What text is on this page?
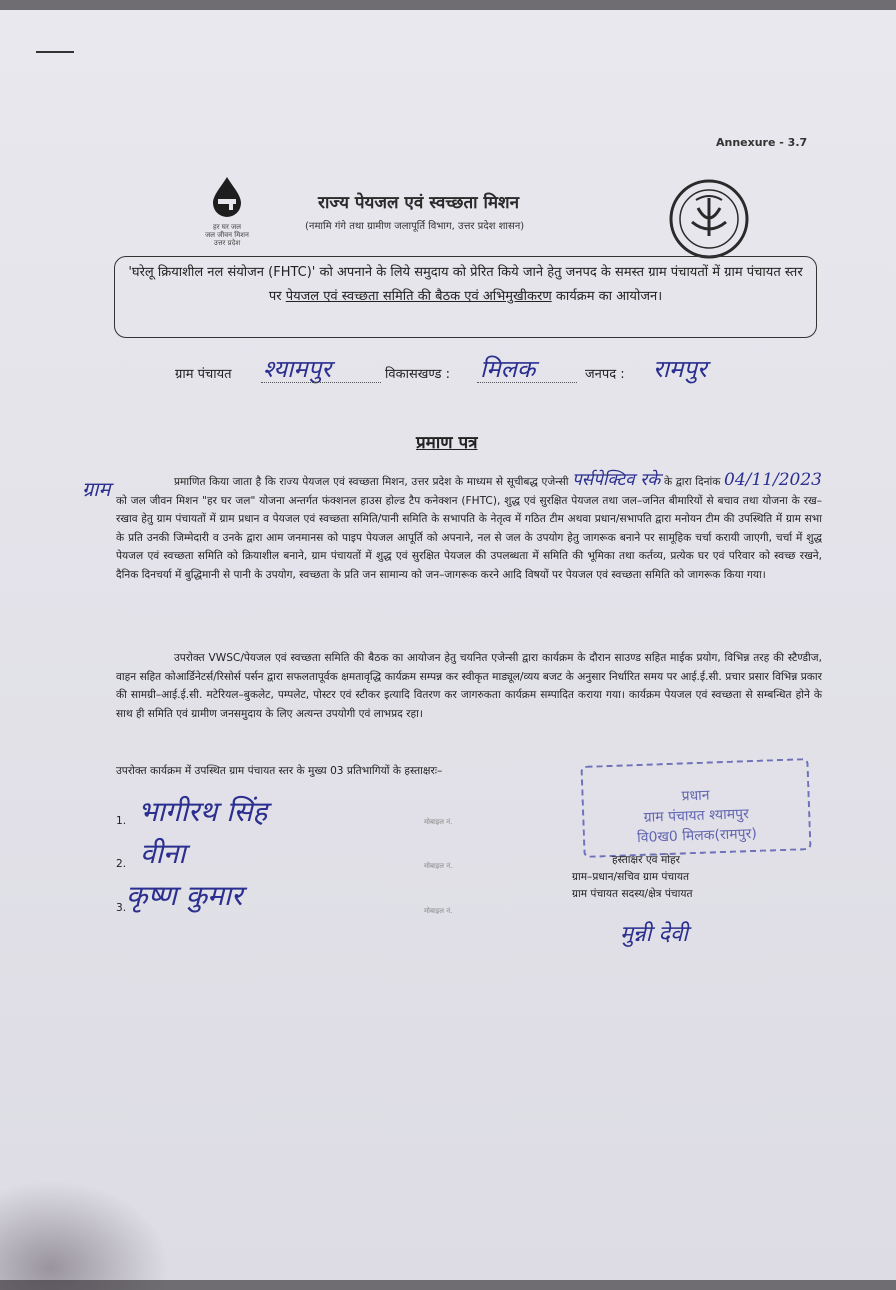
Annexure - 3.7
हर घर जल
जल जीवन मिशन
उत्तर प्रदेश
राज्य पेयजल एवं स्वच्छता मिशन
(नमामि गंगे तथा ग्रामीण जलापूर्ति विभाग, उत्तर प्रदेश शासन)
'घरेलू क्रियाशील नल संयोजन (FHTC)' को अपनाने के लिये समुदाय को प्रेरित किये जाने हेतु जनपद के समस्त ग्राम पंचायतों में ग्राम पंचायत स्तर पर पेयजल एवं स्वच्छता समिति की बैठक एवं अभिमुखीकरण कार्यक्रम का आयोजन।
ग्राम पंचायत श्यामपुर	विकासखण्ड : मिलक	जनपद : रामपुर
प्रमाण पत्र
ग्राम	प्रमाणित किया जाता है कि राज्य पेयजल एवं स्वच्छता मिशन, उत्तर प्रदेश के माध्यम से सूचीबद्ध एजेन्सी पर्सपेक्टिव रके के द्वारा दिनांक 04/11/2023 को जल जीवन मिशन "हर घर जल" योजना अन्तर्गत फंक्शनल हाउस होल्ड टैप कनेक्शन (FHTC), शुद्ध एवं सुरक्षित पेयजल तथा जल–जनित बीमारियों से बचाव तथा योजना के रख–रखाव हेतु ग्राम पंचायतों में ग्राम प्रधान व पेयजल एवं स्वच्छता समिति/पानी समिति के सभापति के नेतृत्व में गठित टीम अथवा प्रधान/सभापति द्वारा मनोयन टीम की उपस्थिति में ग्राम सभा के प्रति उनकी जिम्मेदारी व उनके द्वारा आम जनमानस को पाइप पेयजल आपूर्ति को अपनाने, नल से जल के उपयोग हेतु जागरूक बनाने पर सामूहिक चर्चा करायी जाएगी, चर्चा में शुद्ध पेयजल एवं स्वच्छता समिति को क्रियाशील बनाने, ग्राम पंचायतों में शुद्ध एवं सुरक्षित पेयजल की उपलब्धता में समिति की भूमिका तथा कर्तव्य, प्रत्येक घर एवं परिवार को स्वच्छ रखने, दैनिक दिनचर्या में बुद्धिमानी से पानी के उपयोग, स्वच्छता के प्रति जन सामान्य को जन–जागरूक करने आदि विषयों पर पेयजल एवं स्वच्छता समिति को जागरूक किया गया।
उपरोक्त VWSC/पेयजल एवं स्वच्छता समिति की बैठक का आयोजन हेतु चयनित एजेन्सी द्वारा कार्यक्रम के दौरान साउण्ड सहित माईक प्रयोग, विभिन्न तरह की स्टैण्डीज, वाहन सहित कोआर्डिनेटर्स/रिसोर्स पर्सन द्वारा सफलतापूर्वक क्षमतावृद्धि कार्यक्रम सम्पन्न कर स्वीकृत माड्यूल/व्यय बजट के अनुसार निर्धारित समय पर आई.ई.सी. प्रचार प्रसार विभिन्न प्रकार की सामग्री–आई.ई.सी. मटेरियल–बुकलेट, पम्पलेट, पोस्टर एवं स्टीकर इत्यादि वितरण कर जागरुकता कार्यक्रम सम्पादित कराया गया। कार्यक्रम पेयजल एवं स्वच्छता से सम्बन्धित होने के साथ ही समिति एवं ग्रामीण जनसमुदाय के लिए अत्यन्त उपयोगी एवं लाभप्रद रहा।
उपरोक्त कार्यक्रम में उपस्थित ग्राम पंचायत स्तर के मुख्य 03 प्रतिभागियों के हस्ताक्षरः–
1. भागीरथ सिंह	मोबाइल नं.
2. वीना	मोबाइल नं.
3. कृष्ण कुमार	मोबाइल नं.
प्रधान
ग्राम पंचायत श्यामपुर
वि0ख0 मिलक(रामपुर)
हस्ताक्षर एवं मोहर
ग्राम–प्रधान/सचिव ग्राम पंचायत
ग्राम पंचायत सदस्य/क्षेत्र पंचायत
मुन्नी देवी
